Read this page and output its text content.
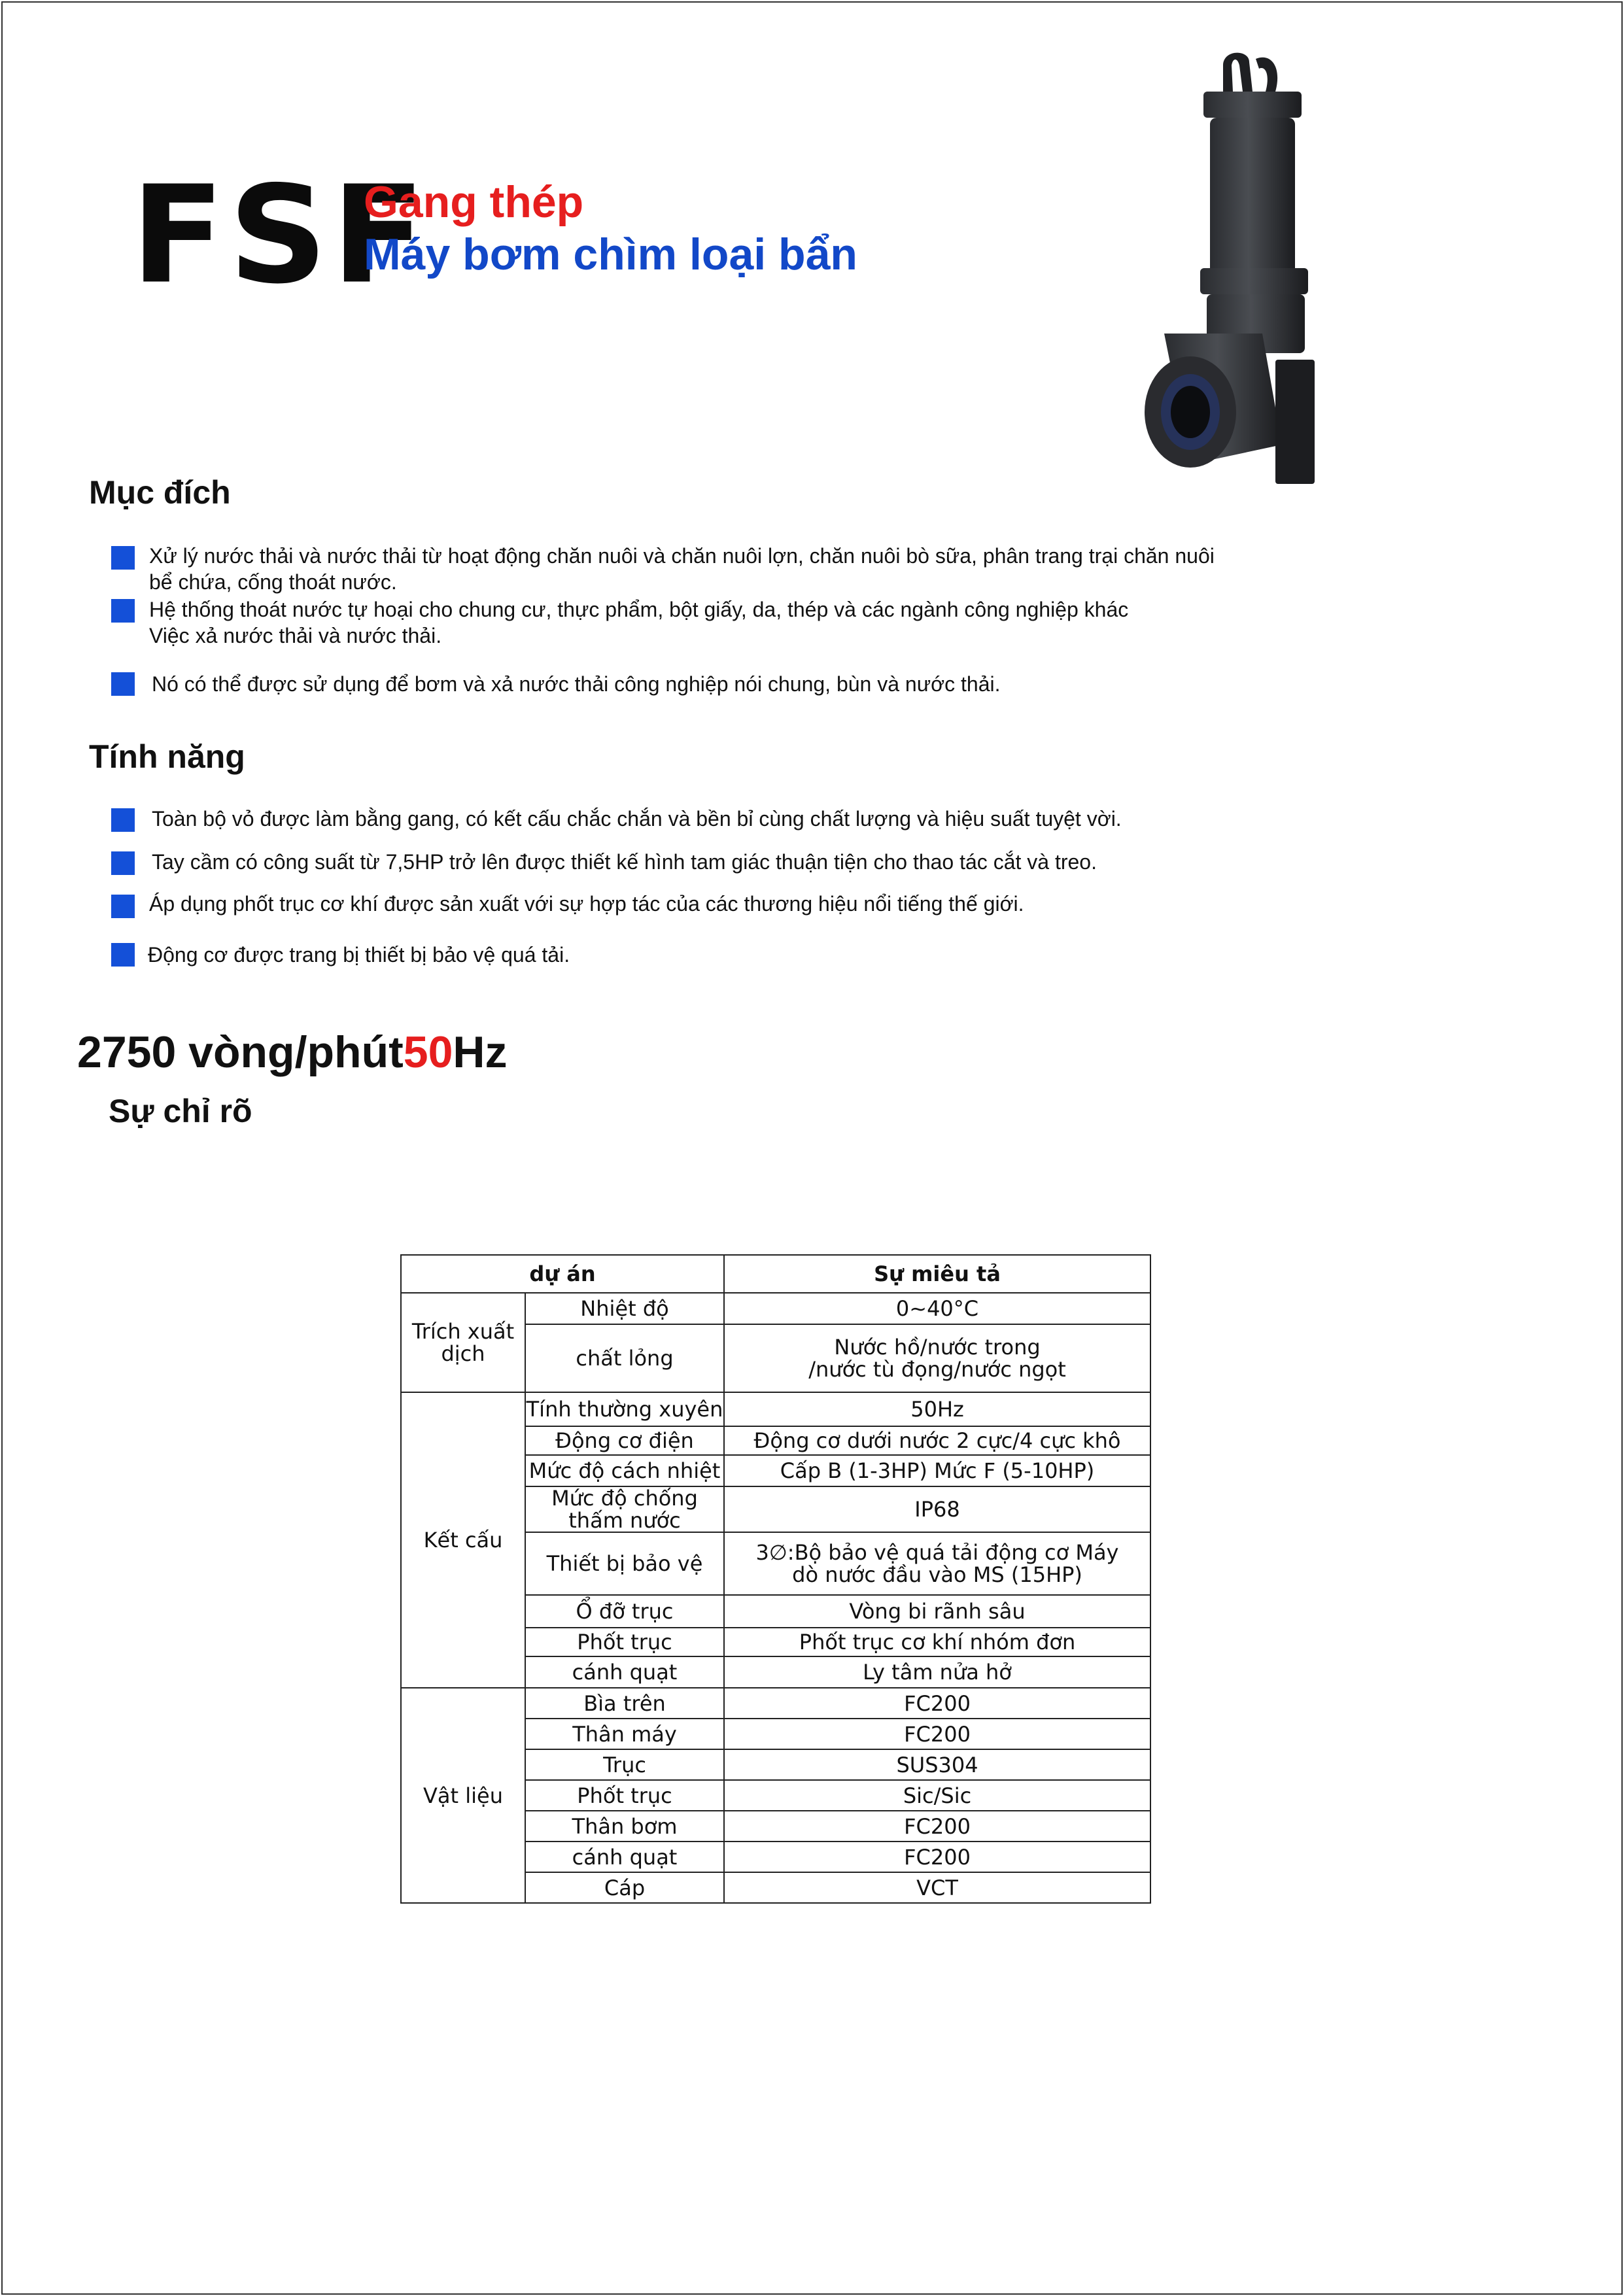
FSF
Gang thép
Máy bơm chìm loại bẩn
Mục đích
Xử lý nước thải và nước thải từ hoạt động chăn nuôi và chăn nuôi lợn, chăn nuôi bò sữa, phân trang trại chăn nuôi
bể chứa, cống thoát nước.
Hệ thống thoát nước tự hoại cho chung cư, thực phẩm, bột giấy, da, thép và các ngành công nghiệp khác
Việc xả nước thải và nước thải.
Nó có thể được sử dụng để bơm và xả nước thải công nghiệp nói chung, bùn và nước thải.
Tính năng
Toàn bộ vỏ được làm bằng gang, có kết cấu chắc chắn và bền bỉ cùng chất lượng và hiệu suất tuyệt vời.
Tay cầm có công suất từ 7,5HP trở lên được thiết kế hình tam giác thuận tiện cho thao tác cắt và treo.
Áp dụng phốt trục cơ khí được sản xuất với sự hợp tác của các thương hiệu nổi tiếng thế giới.
Động cơ được trang bị thiết bị bảo vệ quá tải.
2750 vòng/phút50Hz
Sự chỉ rõ
dự án		Sự miêu tả
Trích xuất dịch	Nhiệt độ	0~40°C
	chất lỏng	Nước hồ/nước trong /nước tù đọng/nước ngọt
Kết cấu	Tính thường xuyên	50Hz
	Động cơ điện	Động cơ dưới nước 2 cực/4 cực khô
	Mức độ cách nhiệt	Cấp B (1-3HP) Mức F (5-10HP)
	Mức độ chống thấm nước	IP68
	Thiết bị bảo vệ	3∅:Bộ bảo vệ quá tải động cơ Máy dò nước đầu vào MS (15HP)
	Ổ đỡ trục	Vòng bi rãnh sâu
	Phốt trục	Phốt trục cơ khí nhóm đơn
	cánh quạt	Ly tâm nửa hở
Vật liệu	Bìa trên	FC200
	Thân máy	FC200
	Trục	SUS304
	Phốt trục	Sic/Sic
	Thân bơm	FC200
	cánh quạt	FC200
	Cáp	VCT
